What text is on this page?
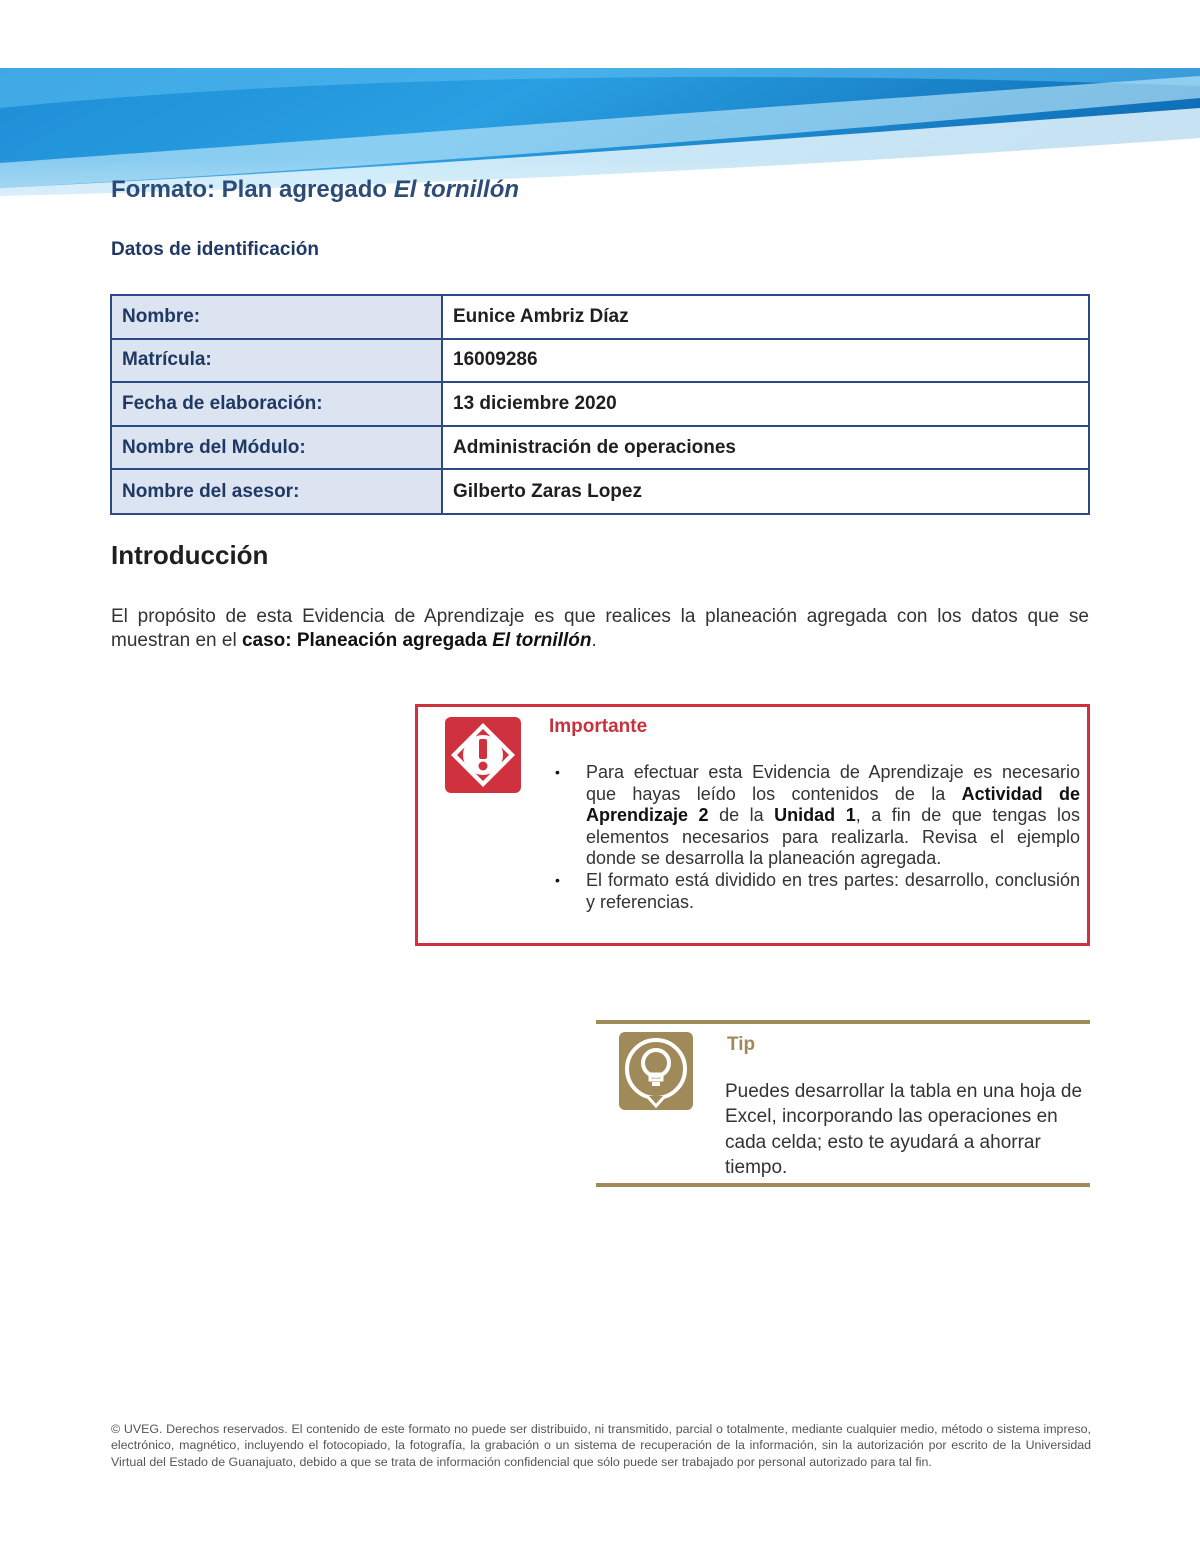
Formato: Plan agregado El tornillón
Datos de identificación
Nombre:	Eunice Ambriz Díaz
Matrícula:	16009286
Fecha de elaboración:	13 diciembre 2020
Nombre del Módulo:	Administración de operaciones
Nombre del asesor:	Gilberto Zaras Lopez
Introducción

El propósito de esta Evidencia de Aprendizaje es que realices la planeación agregada con los datos que se muestran en el caso: Planeación agregada El tornillón.

Importante
• Para efectuar esta Evidencia de Aprendizaje es necesario que hayas leído los contenidos de la Actividad de Aprendizaje 2 de la Unidad 1, a fin de que tengas los elementos necesarios para realizarla. Revisa el ejemplo donde se desarrolla la planeación agregada.
• El formato está dividido en tres partes: desarrollo, conclusión y referencias.
Tip
Puedes desarrollar la tabla en una hoja de Excel, incorporando las operaciones en cada celda; esto te ayudará a ahorrar tiempo.
© UVEG. Derechos reservados. El contenido de este formato no puede ser distribuido, ni transmitido, parcial o totalmente, mediante cualquier medio, método o sistema impreso, electrónico, magnético, incluyendo el fotocopiado, la fotografía, la grabación o un sistema de recuperación de la información, sin la autorización por escrito de la Universidad Virtual del Estado de Guanajuato, debido a que se trata de información confidencial que sólo puede ser trabajado por personal autorizado para tal fin.
